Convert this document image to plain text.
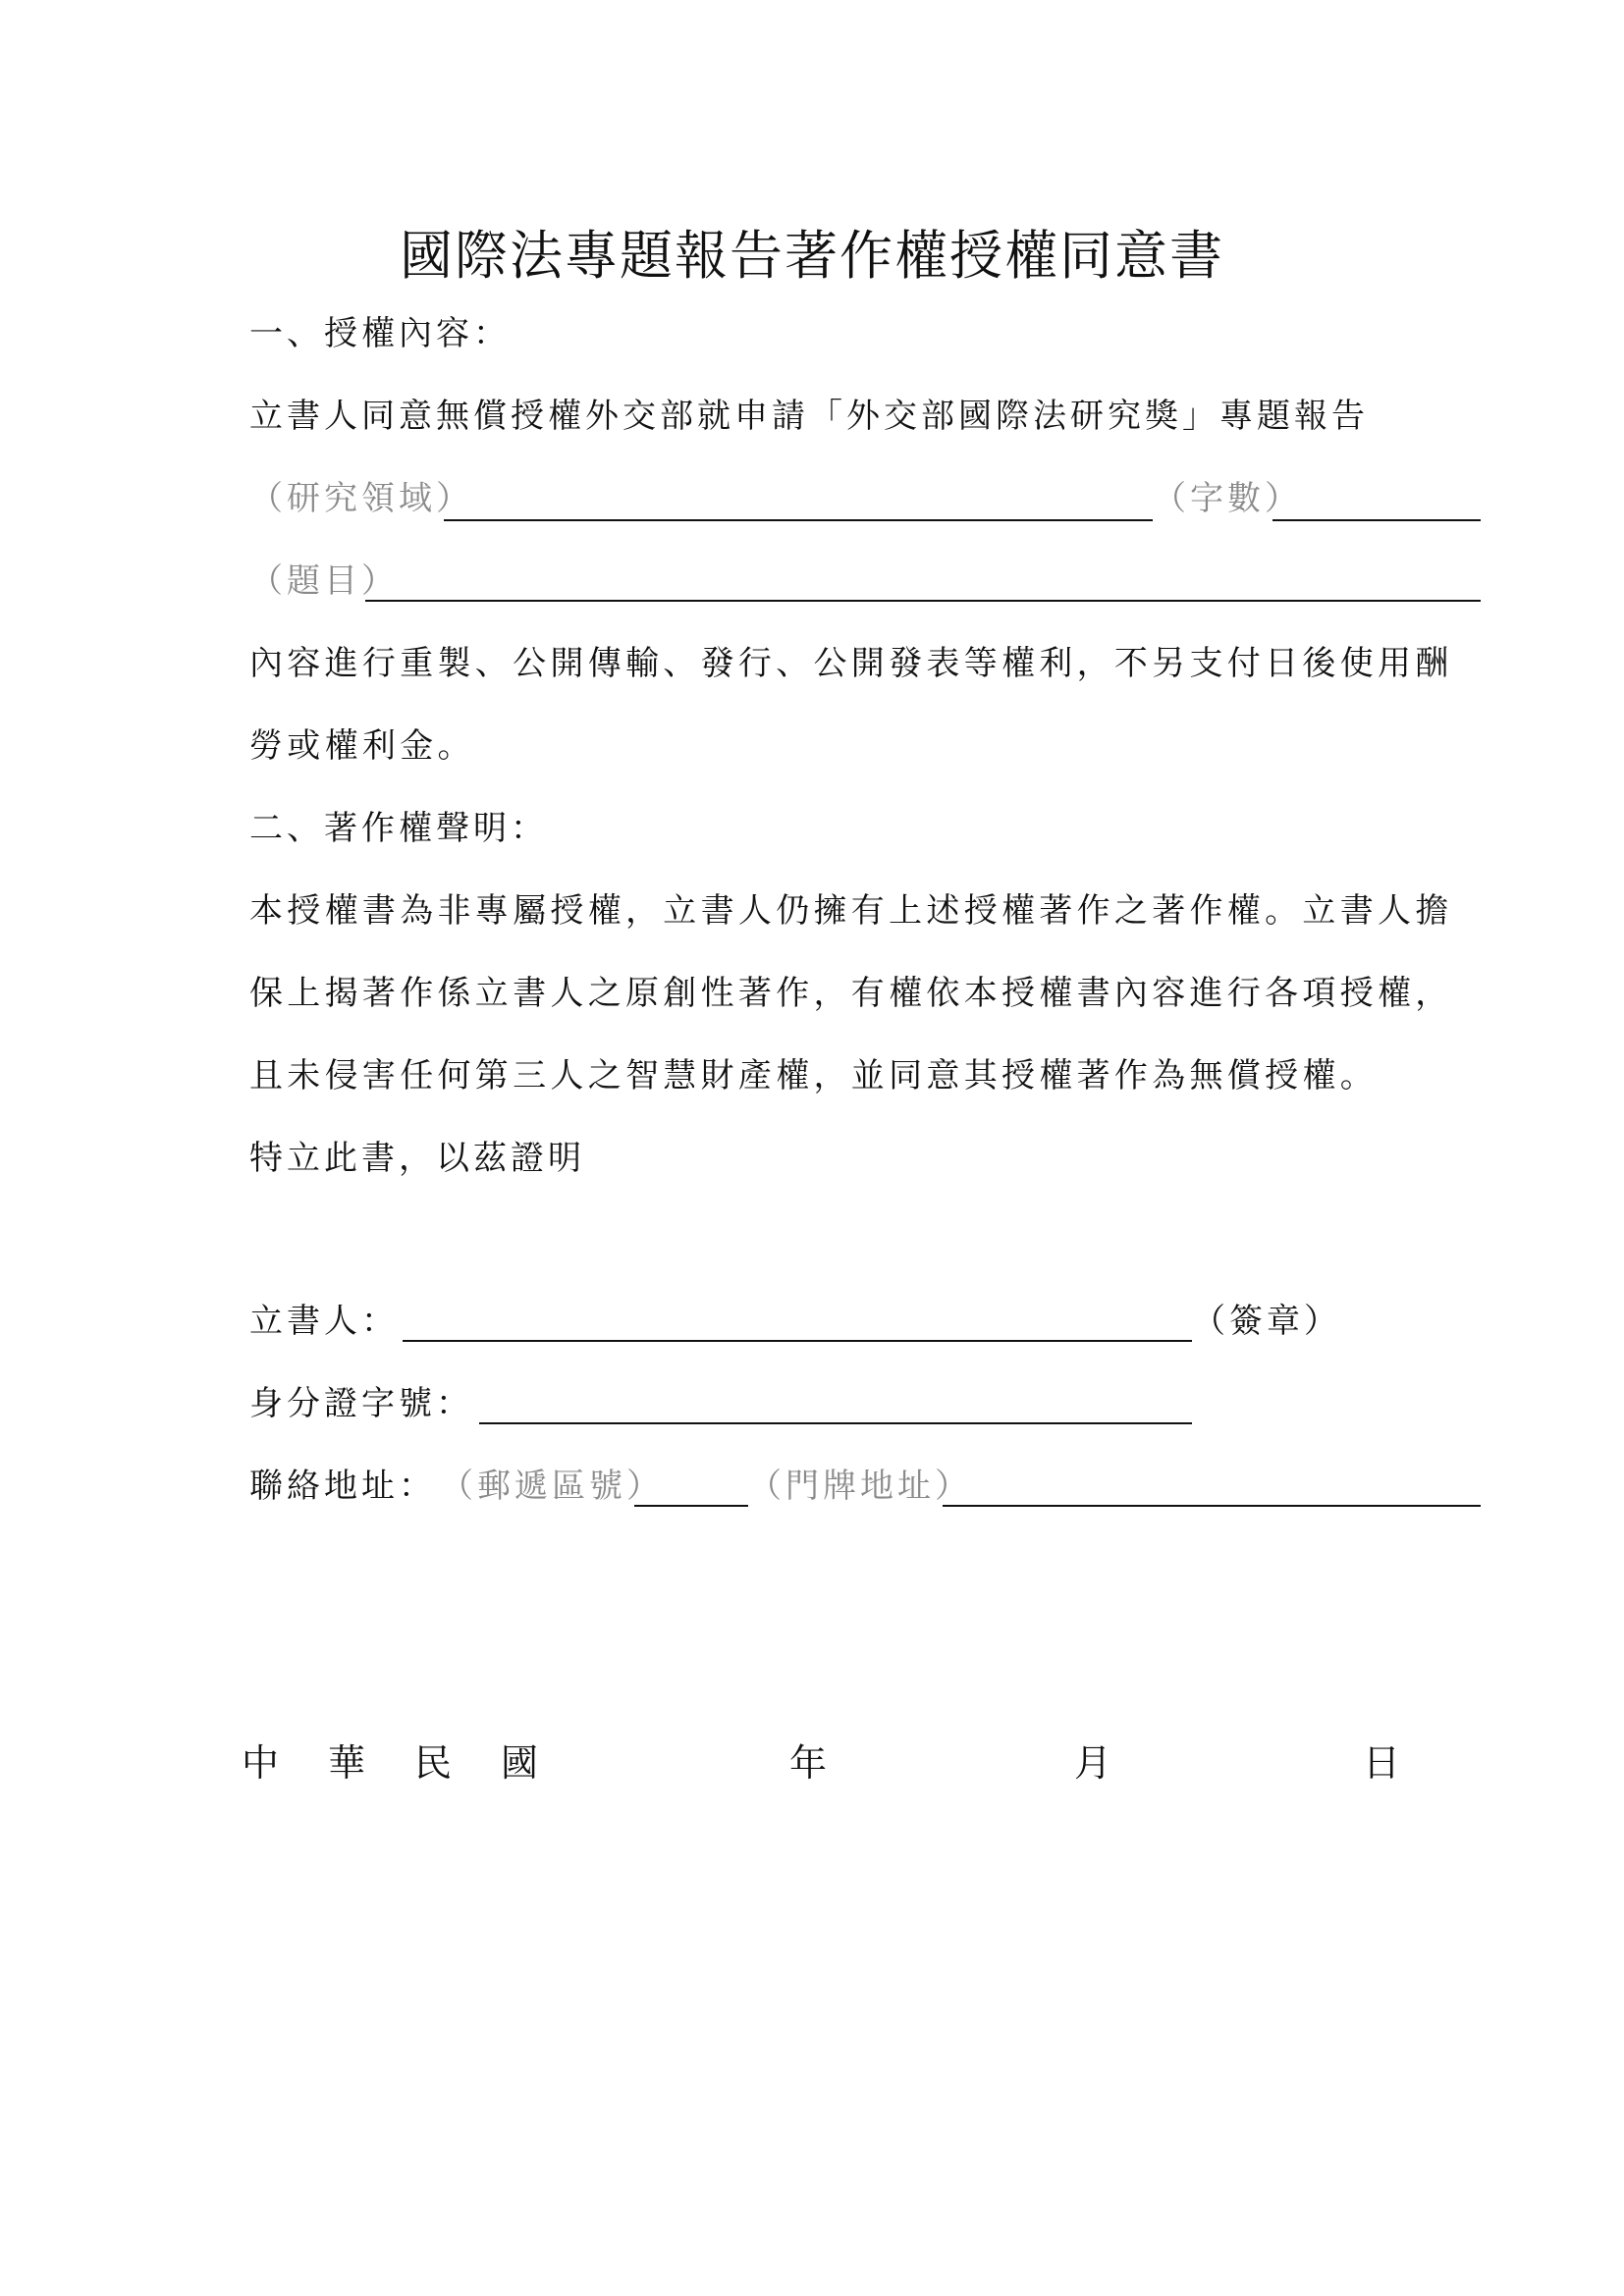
國際法專題報告著作權授權同意書
一、授權內容：
立書人同意無償授權外交部就申請「外交部國際法研究獎」專題報告
（研究領域）	（字數）
（題目）
內容進行重製、公開傳輸、發行、公開發表等權利，不另支付日後使用酬
勞或權利金。
二、著作權聲明：
本授權書為非專屬授權，立書人仍擁有上述授權著作之著作權。立書人擔
保上揭著作係立書人之原創性著作，有權依本授權書內容進行各項授權，
且未侵害任何第三人之智慧財產權，並同意其授權著作為無償授權。
特立此書，以茲證明
立書人：	（簽章）
身分證字號：
聯絡地址： （郵遞區號）	（門牌地址）
中 華 民 國	年	月	日
